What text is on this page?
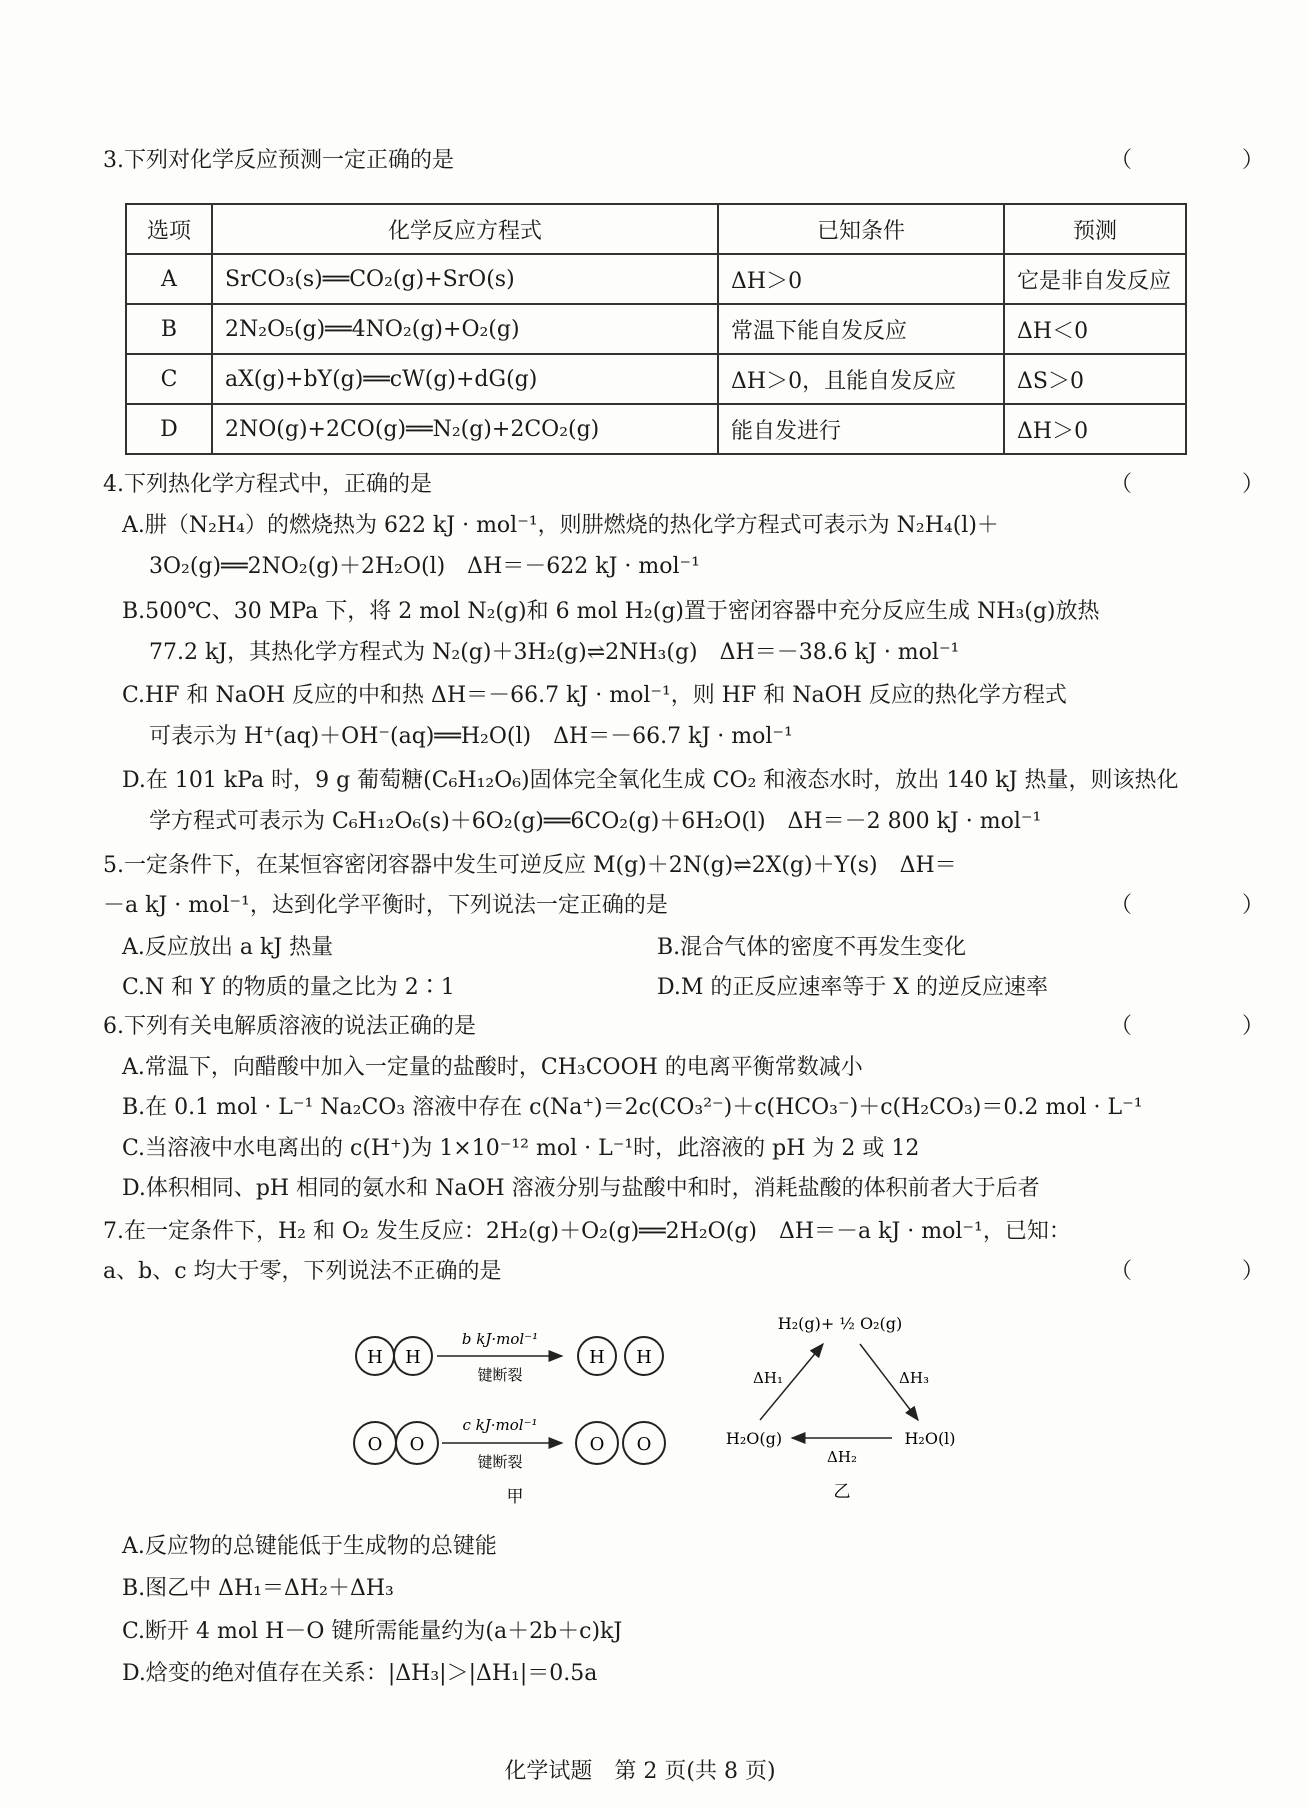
3.下列对化学反应预测一定正确的是	（　）
选项	化学反应方程式	已知条件	预测
A	SrCO₃(s)══CO₂(g)+SrO(s)	ΔH＞0	它是非自发反应
B	2N₂O₅(g)══4NO₂(g)+O₂(g)	常温下能自发反应	ΔH＜0
C	aX(g)+bY(g)══cW(g)+dG(g)	ΔH＞0，且能自发反应	ΔS＞0
D	2NO(g)+2CO(g)══N₂(g)+2CO₂(g)	能自发进行	ΔH＞0
4.下列热化学方程式中，正确的是	（　）
A.肼（N₂H₄）的燃烧热为 622 kJ · mol⁻¹，则肼燃烧的热化学方程式可表示为 N₂H₄(l)＋
3O₂(g)══2NO₂(g)＋2H₂O(l)　ΔH＝－622 kJ · mol⁻¹
B.500℃、30 MPa 下，将 2 mol N₂(g)和 6 mol H₂(g)置于密闭容器中充分反应生成 NH₃(g)放热
77.2 kJ，其热化学方程式为 N₂(g)＋3H₂(g)⇌2NH₃(g)　ΔH＝－38.6 kJ · mol⁻¹
C.HF 和 NaOH 反应的中和热 ΔH＝－66.7 kJ · mol⁻¹，则 HF 和 NaOH 反应的热化学方程式
可表示为 H⁺(aq)＋OH⁻(aq)══H₂O(l)　ΔH＝－66.7 kJ · mol⁻¹
D.在 101 kPa 时，9 g 葡萄糖(C₆H₁₂O₆)固体完全氧化生成 CO₂ 和液态水时，放出 140 kJ 热量，则该热化
学方程式可表示为 C₆H₁₂O₆(s)＋6O₂(g)══6CO₂(g)＋6H₂O(l)　ΔH＝－2 800 kJ · mol⁻¹
5.一定条件下，在某恒容密闭容器中发生可逆反应 M(g)＋2N(g)⇌2X(g)＋Y(s)　ΔH＝
－a kJ · mol⁻¹，达到化学平衡时，下列说法一定正确的是	（　）
A.反应放出 a kJ 热量	B.混合气体的密度不再发生变化
C.N 和 Y 的物质的量之比为 2∶1	D.M 的正反应速率等于 X 的逆反应速率
6.下列有关电解质溶液的说法正确的是	（　）
A.常温下，向醋酸中加入一定量的盐酸时，CH₃COOH 的电离平衡常数减小
B.在 0.1 mol · L⁻¹ Na₂CO₃ 溶液中存在 c(Na⁺)＝2c(CO₃²⁻)＋c(HCO₃⁻)＋c(H₂CO₃)＝0.2 mol · L⁻¹
C.当溶液中水电离出的 c(H⁺)为 1×10⁻¹² mol · L⁻¹时，此溶液的 pH 为 2 或 12
D.体积相同、pH 相同的氨水和 NaOH 溶液分别与盐酸中和时，消耗盐酸的体积前者大于后者
7.在一定条件下，H₂ 和 O₂ 发生反应：2H₂(g)＋O₂(g)══2H₂O(g)　ΔH＝－a kJ · mol⁻¹，已知：
a、b、c 均大于零，下列说法不正确的是	（　）
H H
b kJ·mol⁻¹
键断裂
H H
O O
c kJ·mol⁻¹
键断裂
O O
甲
H₂(g)+ ½ O₂(g)
ΔH₁	ΔH₃
H₂O(g)	H₂O(l)
ΔH₂
乙
A.反应物的总键能低于生成物的总键能
B.图乙中 ΔH₁＝ΔH₂＋ΔH₃
C.断开 4 mol H－O 键所需能量约为(a＋2b＋c)kJ
D.焓变的绝对值存在关系：|ΔH₃|＞|ΔH₁|＝0.5a
化学试题　第 2 页(共 8 页)
